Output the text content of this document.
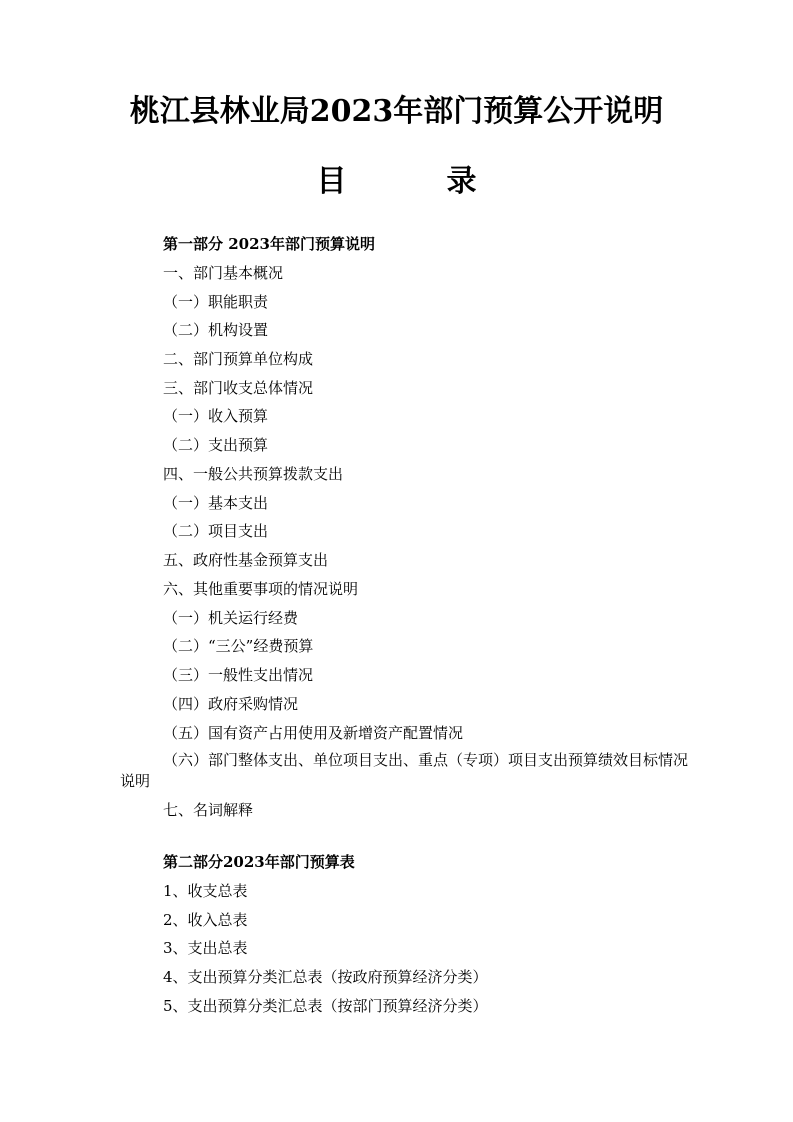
桃江县林业局2023年部门预算公开说明
目	录
第一部分 2023年部门预算说明
一、部门基本概况
（一）职能职责
（二）机构设置
二、部门预算单位构成
三、部门收支总体情况
（一）收入预算
（二）支出预算
四、一般公共预算拨款支出
（一）基本支出
（二）项目支出
五、政府性基金预算支出
六、其他重要事项的情况说明
（一）机关运行经费
（二）“三公”经费预算
（三）一般性支出情况
（四）政府采购情况
（五）国有资产占用使用及新增资产配置情况
（六）部门整体支出、单位项目支出、重点（专项）项目支出预算绩效目标情况说明
七、名词解释
第二部分2023年部门预算表
1、收支总表
2、收入总表
3、支出总表
4、支出预算分类汇总表（按政府预算经济分类）
5、支出预算分类汇总表（按部门预算经济分类）
